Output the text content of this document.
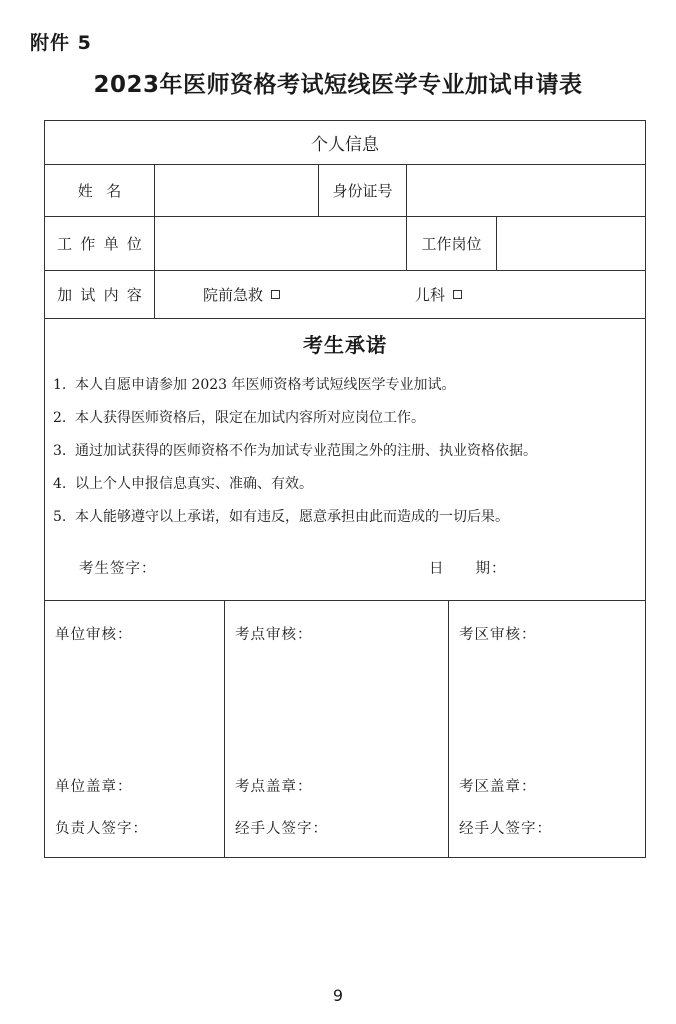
附件 5
2023年医师资格考试短线医学专业加试申请表
个人信息
姓名	身份证号
工作单位	工作岗位
加试内容	院前急救	儿科
考生承诺
1. 本人自愿申请参加 2023 年医师资格考试短线医学专业加试。
2. 本人获得医师资格后，限定在加试内容所对应岗位工作。
3. 通过加试获得的医师资格不作为加试专业范围之外的注册、执业资格依据。
4. 以上个人申报信息真实、准确、有效。
5. 本人能够遵守以上承诺，如有违反，愿意承担由此而造成的一切后果。
考生签字：	日　　期：
单位审核：
单位盖章：
负责人签字：
考点审核：
考点盖章：
经手人签字：
考区审核：
考区盖章：
经手人签字：
9
